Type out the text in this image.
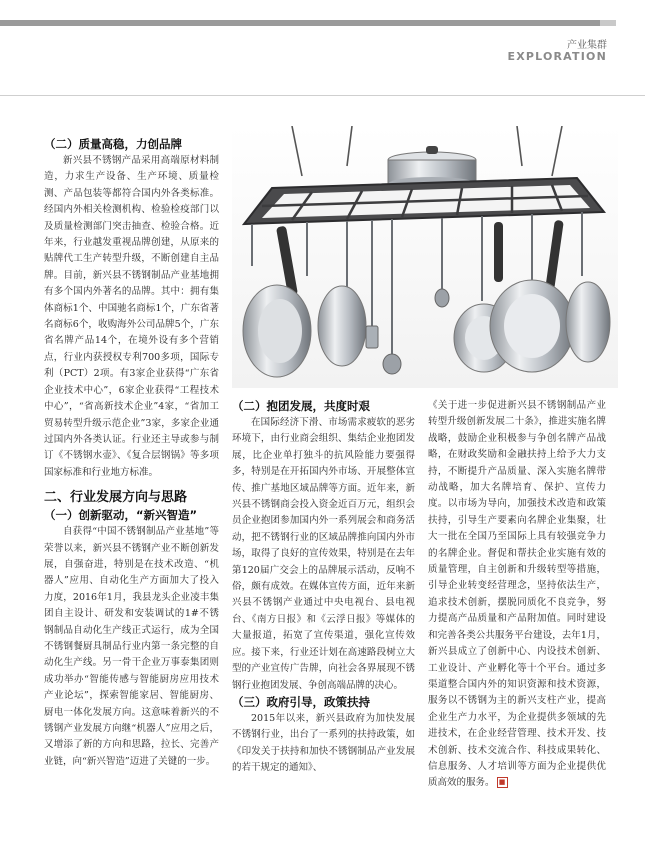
产业集群
EXPLORATION
（二）质量高稳，力创品牌

新兴县不锈钢产品采用高端原材料制造，力求生产设备、生产环境、质量检测、产品包装等都符合国内外各类标准。经国内外相关检测机构、检验检疫部门以及质量检测部门突击抽查、检验合格。近年来，行业越发重视品牌创建，从原来的贴牌代工生产转型升级，不断创建自主品牌。目前，新兴县不锈钢制品产业基地拥有多个国内外著名的品牌。其中：拥有集体商标1个、中国驰名商标1个，广东省著名商标6个，收购海外公司品牌5个，广东省名牌产品14个，在境外设有多个营销点，行业内获授权专利700多项，国际专利（PCT）2项。有3家企业获得“广东省企业技术中心”，6家企业获得“工程技术中心”，“省高新技术企业”4家，“省加工贸易转型升级示范企业”3家，多家企业通过国内外各类认证。行业还主导或参与制订《不锈钢水壶》、《复合层钢锅》等多项国家标准和行业地方标准。

二、行业发展方向与思路
（一）创新驱动，“新兴智造”

自获得“中国不锈钢制品产业基地”等荣誉以来，新兴县不锈钢产业不断创新发展，自强奋进，特别是在技术改造、“机器人”应用、自动化生产方面加大了投入力度，2016年1月，我县龙头企业凌丰集团自主设计、研发和安装调试的1#不锈钢制品自动化生产线正式运行，成为全国不锈钢餐厨具制品行业内第一条完整的自动化生产线。另一骨干企业万事泰集团则成功举办“智能传感与智能厨房应用技术产业论坛”，探索智能家居、智能厨房、厨电一体化发展方向。这意味着新兴的不锈钢产业发展方向继“机器人”应用之后，又增添了新的方向和思路，拉长、完善产业链，向“新兴智造”迈进了关键的一步。

（二）抱团发展，共度时艰

在国际经济下滑、市场需求疲软的恶劣环境下，由行业商会组织、集结企业抱团发展，比企业单打独斗的抗风险能力要强得多，特别是在开拓国内外市场、开展整体宣传、推广基地区域品牌等方面。近年来，新兴县不锈钢商会投入资金近百万元，组织会员企业抱团参加国内外一系列展会和商务活动，把不锈钢行业的区域品牌推向国内外市场，取得了良好的宣传效果，特别是在去年第120届广交会上的品牌展示活动，反响不俗，颇有成效。在媒体宣传方面，近年来新兴县不锈钢产业通过中央电视台、县电视台、《南方日报》和《云浮日报》等媒体的大量报道，拓宽了宣传渠道，强化宣传效应。接下来，行业还计划在高速路段树立大型的产业宣传广告牌，向社会各界展现不锈钢行业抱团发展、争创高端品牌的决心。

（三）政府引导，政策扶持

2015年以来，新兴县政府为加快发展不锈钢行业，出台了一系列的扶持政策，如《印发关于扶持和加快不锈钢制品产业发展的若干规定的通知》、

《关于进一步促进新兴县不锈钢制品产业转型升级创新发展二十条》，推进实施名牌战略，鼓励企业积极参与争创名牌产品战略，在财政奖励和金融扶持上给予大力支持，不断提升产品质量、深入实施名牌带动战略，加大名牌培育、保护、宣传力度。以市场为导向，加强技术改造和政策扶持，引导生产要素向名牌企业集聚，壮大一批在全国乃至国际上具有较强竞争力的名牌企业。督促和帮扶企业实施有效的质量管理，自主创新和升级转型等措施，引导企业转变经营理念，坚持依法生产，追求技术创新，摆脱同质化不良竞争，努力提高产品质量和产品附加值。同时建设和完善各类公共服务平台建设，去年1月，新兴县成立了创新中心、内设技术创新、工业设计、产业孵化等十个平台。通过多渠道整合国内外的知识资源和技术资源，服务以不锈钢为主的新兴支柱产业，提高企业生产力水平，为企业提供多领域的先进技术，在企业经营管理、技术开发、技术创新、技术交流合作、科技成果转化、信息服务、人才培训等方面为企业提供优质高效的服务。 ■
